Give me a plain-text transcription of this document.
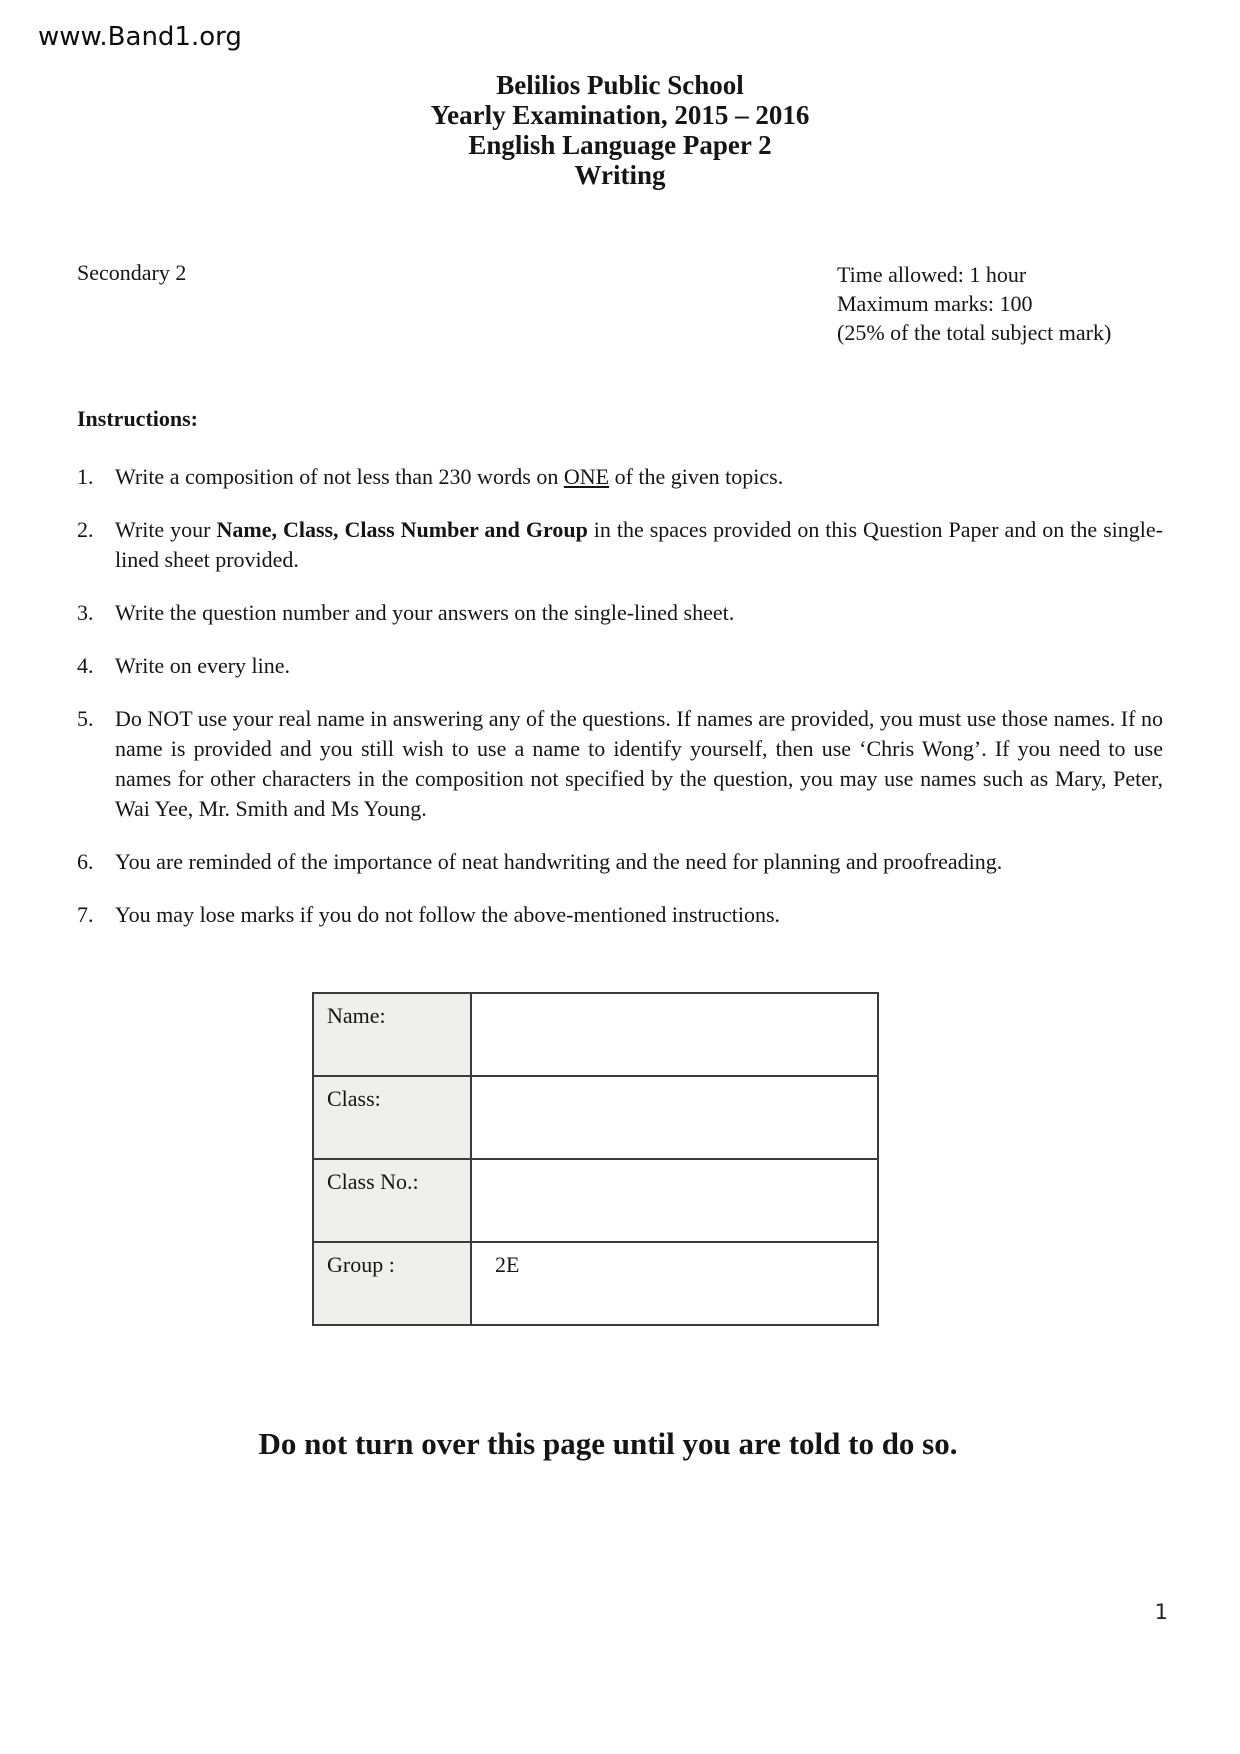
www.Band1.org
Belilios Public School
Yearly Examination, 2015 – 2016
English Language Paper 2
Writing
Secondary 2	Time allowed: 1 hour
Maximum marks: 100
(25% of the total subject mark)
Instructions:
1. Write a composition of not less than 230 words on ONE of the given topics.
2. Write your Name, Class, Class Number and Group in the spaces provided on this Question Paper and on the single-lined sheet provided.
3. Write the question number and your answers on the single-lined sheet.
4. Write on every line.
5. Do NOT use your real name in answering any of the questions. If names are provided, you must use those names. If no name is provided and you still wish to use a name to identify yourself, then use ‘Chris Wong’. If you need to use names for other characters in the composition not specified by the question, you may use names such as Mary, Peter, Wai Yee, Mr. Smith and Ms Young.
6. You are reminded of the importance of neat handwriting and the need for planning and proofreading.
7. You may lose marks if you do not follow the above-mentioned instructions.
Name:	
Class:	
Class No.:	
Group :	2E
Do not turn over this page until you are told to do so.
1
